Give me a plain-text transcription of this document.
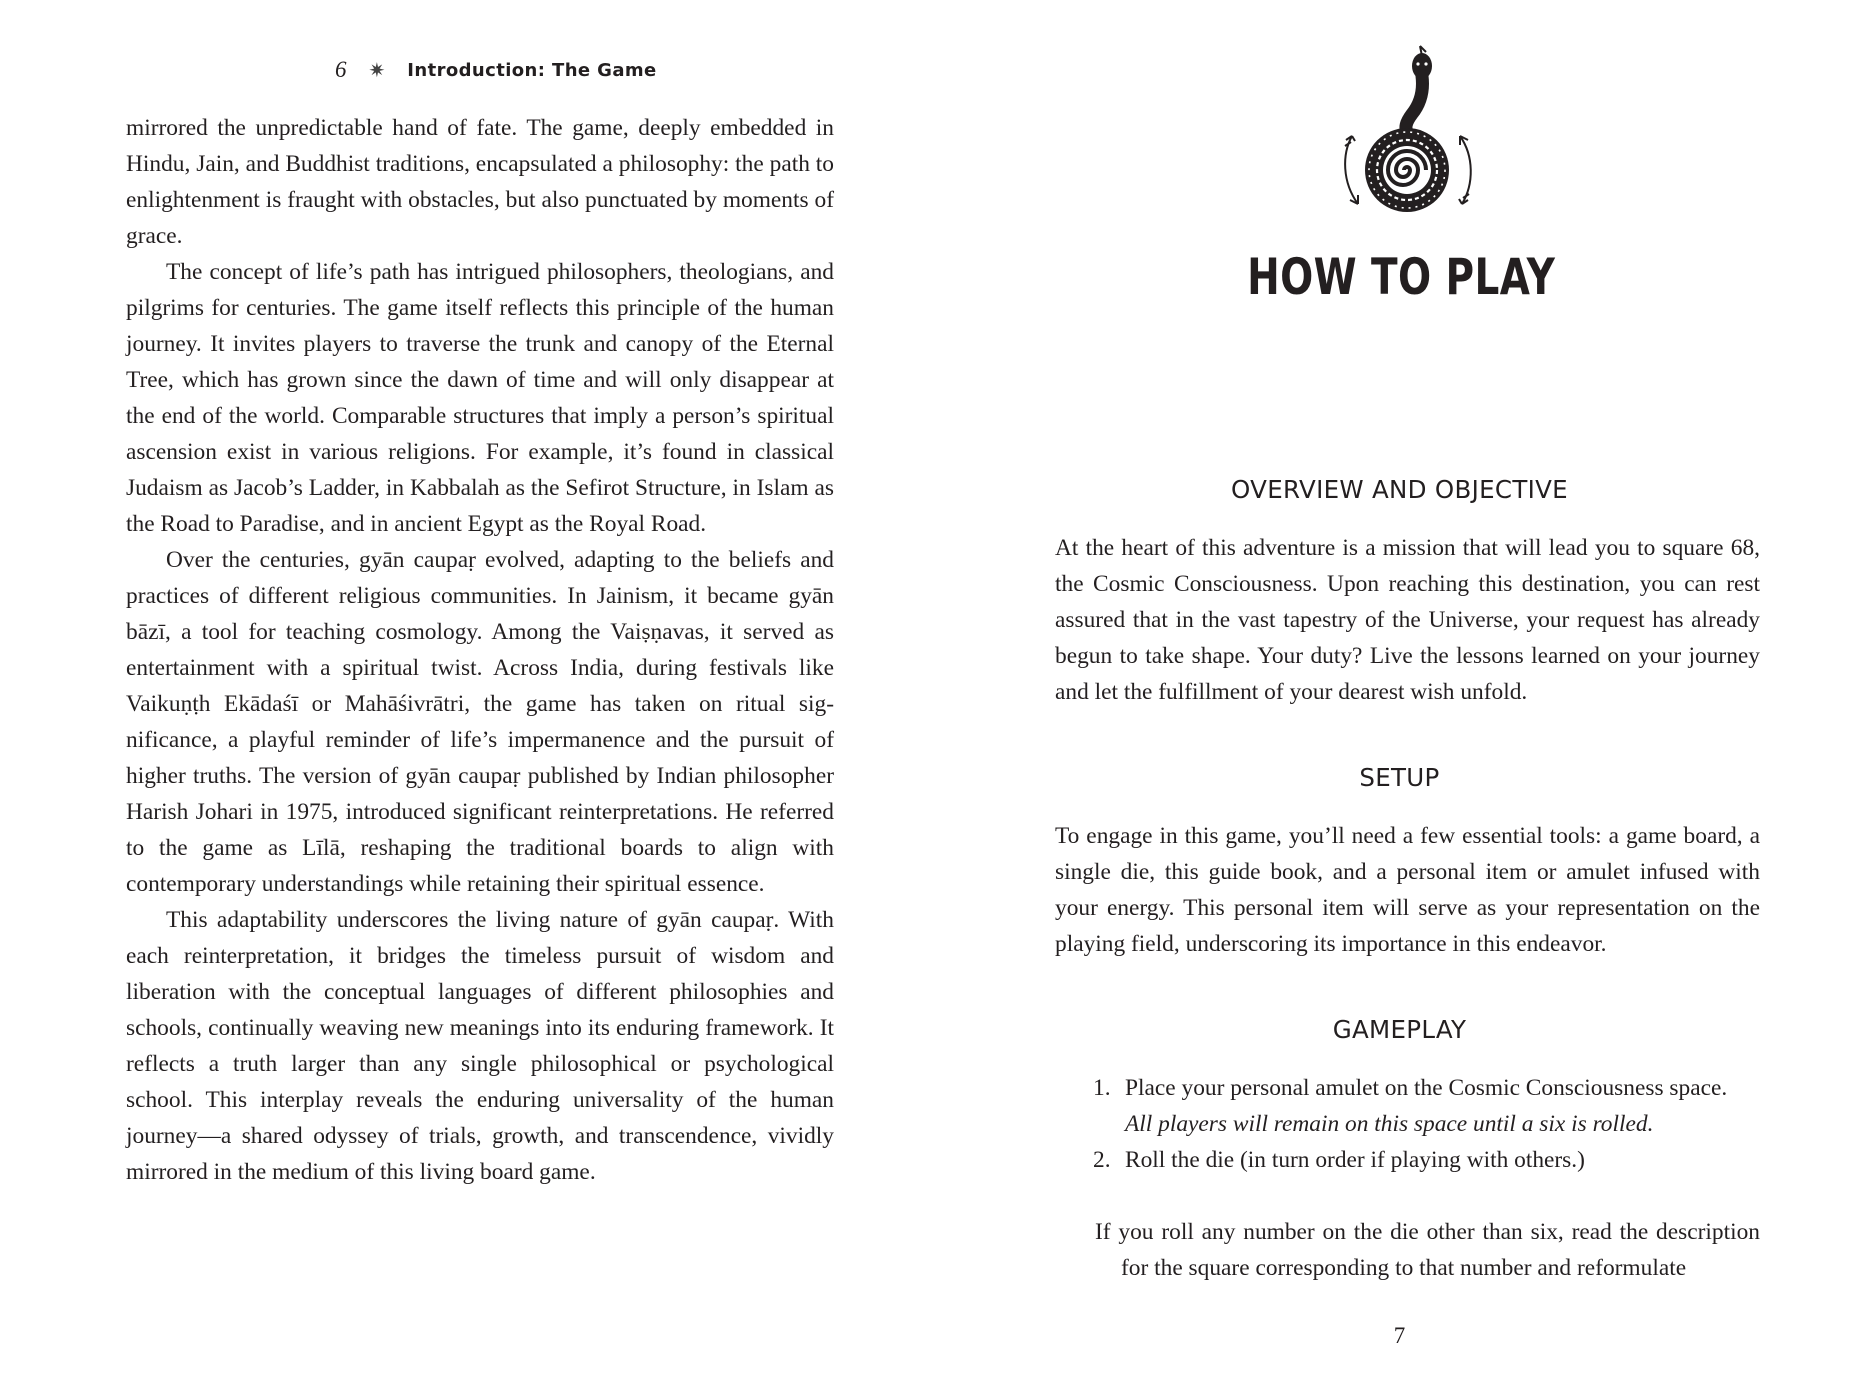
6 ✷ Introduction: The Game

mirrored the unpredictable hand of fate. The game, deeply embedded in Hindu, Jain, and Buddhist traditions, encapsulated a philosophy: the path to enlightenment is fraught with obstacles, but also punctuated by moments of grace.

The concept of life’s path has intrigued philosophers, theologians, and pilgrims for centuries. The game itself reflects this principle of the human journey. It invites players to traverse the trunk and canopy of the Eternal Tree, which has grown since the dawn of time and will only disappear at the end of the world. Comparable structures that imply a person’s spiritual ascension exist in various religions. For example, it’s found in classical Judaism as Jacob’s Ladder, in Kabbalah as the Sefirot Structure, in Islam as the Road to Paradise, and in ancient Egypt as the Royal Road.

Over the centuries, gyān caupaṛ evolved, adapting to the beliefs and practices of different religious communities. In Jainism, it became gyān bāzī, a tool for teaching cosmology. Among the Vaiṣṇavas, it served as entertainment with a spiritual twist. Across India, during festivals like Vaikuṇṭh Ekādaśī or Mahāśivrātri, the game has taken on ritual significance, a playful reminder of life’s impermanence and the pursuit of higher truths. The version of gyān caupaṛ published by Indian philosopher Harish Johari in 1975, introduced significant reinterpretations. He referred to the game as Līlā, reshaping the traditional boards to align with contemporary understandings while retaining their spiritual essence.

This adaptability underscores the living nature of gyān caupaṛ. With each reinterpretation, it bridges the timeless pursuit of wisdom and liberation with the conceptual languages of different philosophies and schools, continually weaving new meanings into its enduring framework. It reflects a truth larger than any single philosophical or psychological school. This interplay reveals the enduring universality of the human journey—a shared odyssey of trials, growth, and transcendence, vividly mirrored in the medium of this living board game.

HOW TO PLAY
OVERVIEW AND OBJECTIVE

At the heart of this adventure is a mission that will lead you to square 68, the Cosmic Consciousness. Upon reaching this destination, you can rest assured that in the vast tapestry of the Universe, your request has already begun to take shape. Your duty? Live the lessons learned on your journey and let the fulfillment of your dearest wish unfold.

SETUP

To engage in this game, you’ll need a few essential tools: a game board, a single die, this guide book, and a personal item or amulet infused with your energy. This personal item will serve as your representation on the playing field, underscoring its importance in this endeavor.

GAMEPLAY
1. Place your personal amulet on the Cosmic Consciousness space.
All players will remain on this space until a six is rolled.
2. Roll the die (in turn order if playing with others.)
If you roll any number on the die other than six, read the description for the square corresponding to that number and reformulate
7
